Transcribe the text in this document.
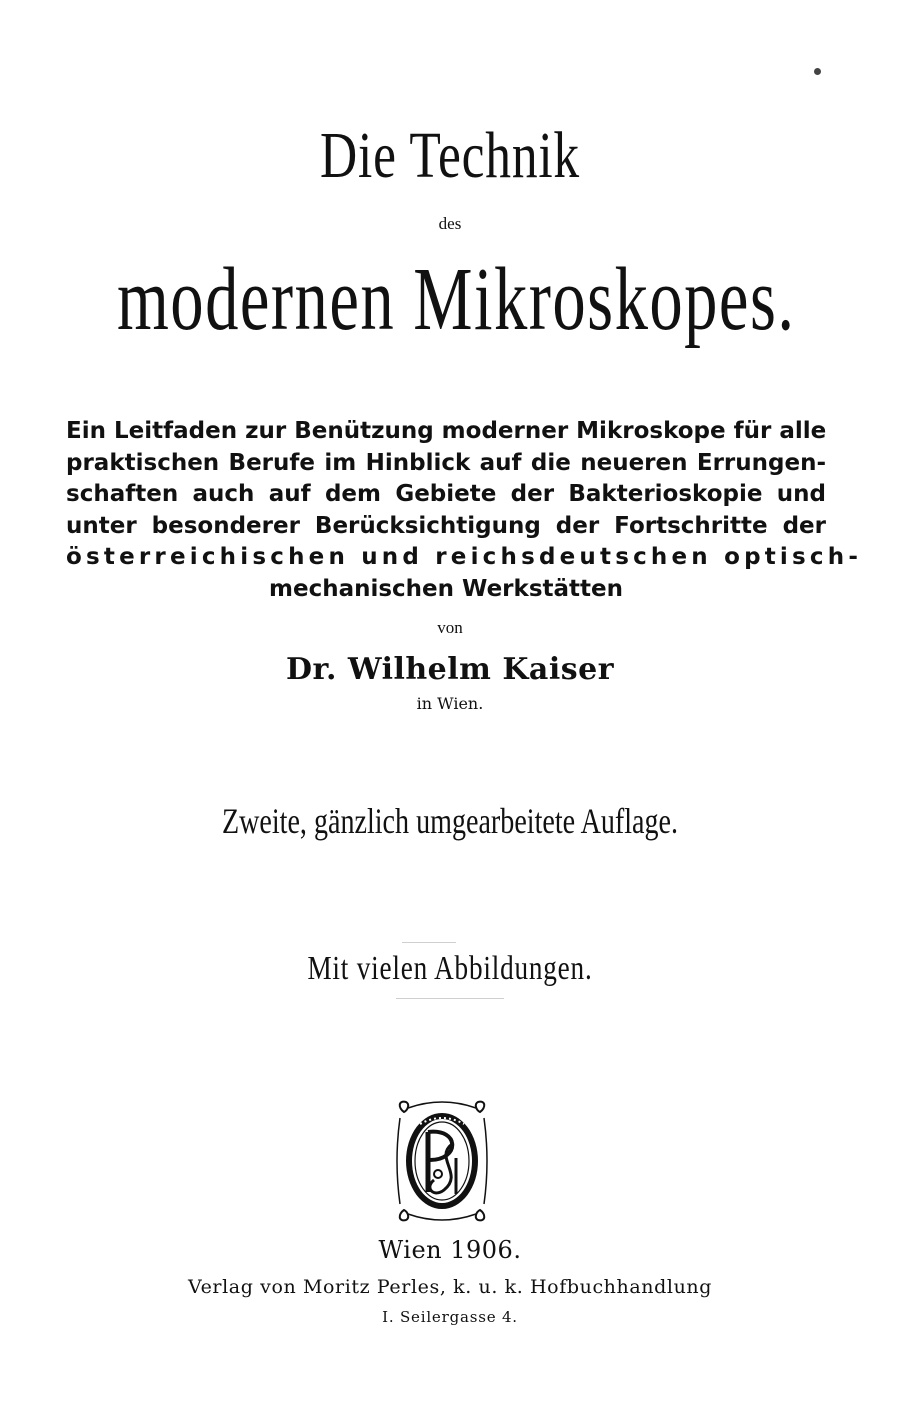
Die Technik
des
modernen Mikroskopes.
Ein Leitfaden zur Benützung moderner Mikroskope für alle
praktischen Berufe im Hinblick auf die neueren Errungen-
schaften auch auf dem Gebiete der Bakterioskopie und
unter besonderer Berücksichtigung der Fortschritte der
österreichischen und reichsdeutschen optisch-
mechanischen Werkstätten
von
Dr. Wilhelm Kaiser
in Wien.
Zweite, gänzlich umgearbeitete Auflage.
Mit vielen Abbildungen.
Wien 1906.
Verlag von Moritz Perles, k. u. k. Hofbuchhandlung
I. Seilergasse 4.
